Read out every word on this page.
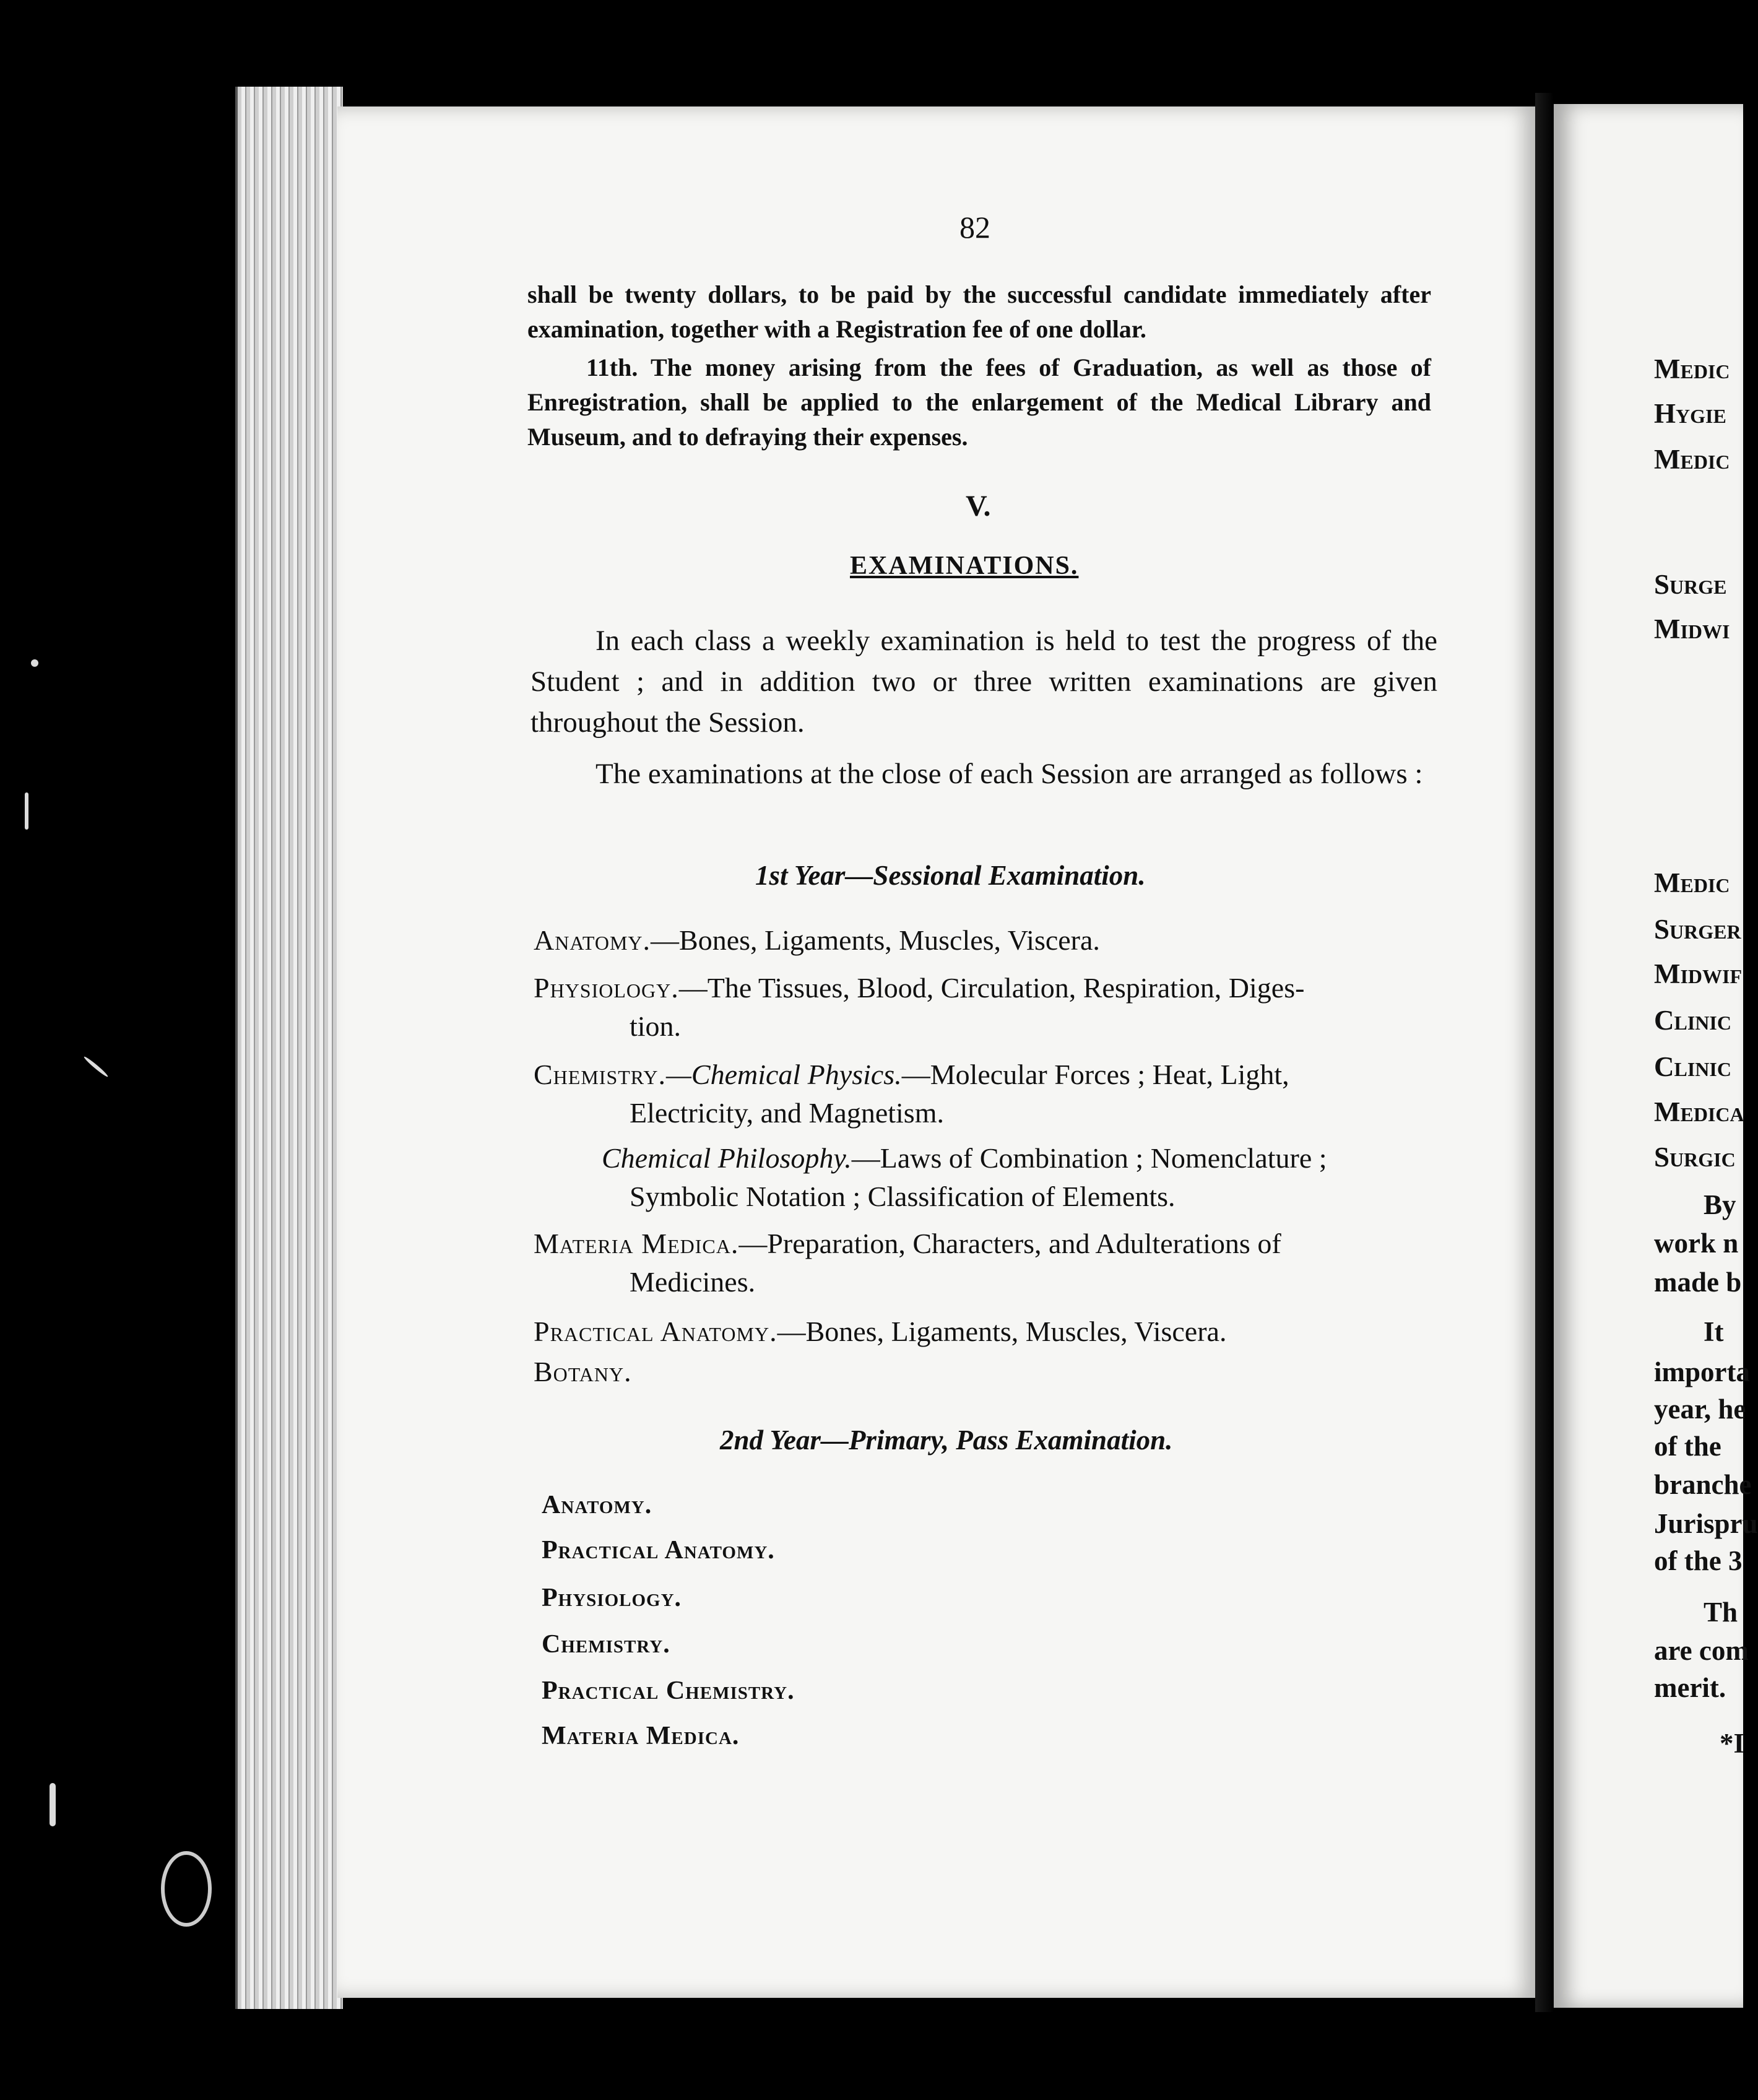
82
shall be twenty dollars, to be paid by the successful candidate immediately after examination, together with a Registration fee of one dollar.
11th. The money arising from the fees of Graduation, as well as those of Enregistration, shall be applied to the enlargement of the Medical Library and Museum, and to defraying their expenses.
V.
EXAMINATIONS.
In each class a weekly examination is held to test the progress of the Student ; and in addition two or three written examinations are given throughout the Session.
The examinations at the close of each Session are arranged as follows :
1st Year—Sessional Examination.
Anatomy.—Bones, Ligaments, Muscles, Viscera.
Physiology.—The Tissues, Blood, Circulation, Respiration, Diges-
tion.
Chemistry.—Chemical Physics.—Molecular Forces ; Heat, Light,
Electricity, and Magnetism.
Chemical Philosophy.—Laws of Combination ; Nomenclature ;
Symbolic Notation ; Classification of Elements.
Materia Medica.—Preparation, Characters, and Adulterations of
Medicines.
Practical Anatomy.—Bones, Ligaments, Muscles, Viscera.
Botany.
2nd Year—Primary, Pass Examination.
Anatomy.
Practical Anatomy.
Physiology.
Chemistry.
Practical Chemistry.
Materia Medica.
Medic
Hygie
Medic
Surge
Midwi
Medic
Surger
Midwif
Clinic
Clinic
Medica
Surgic
By
work n
made b
It
importa
year, he
of the
branche
Jurispru
of the 3
Th
are com
merit.
*I
